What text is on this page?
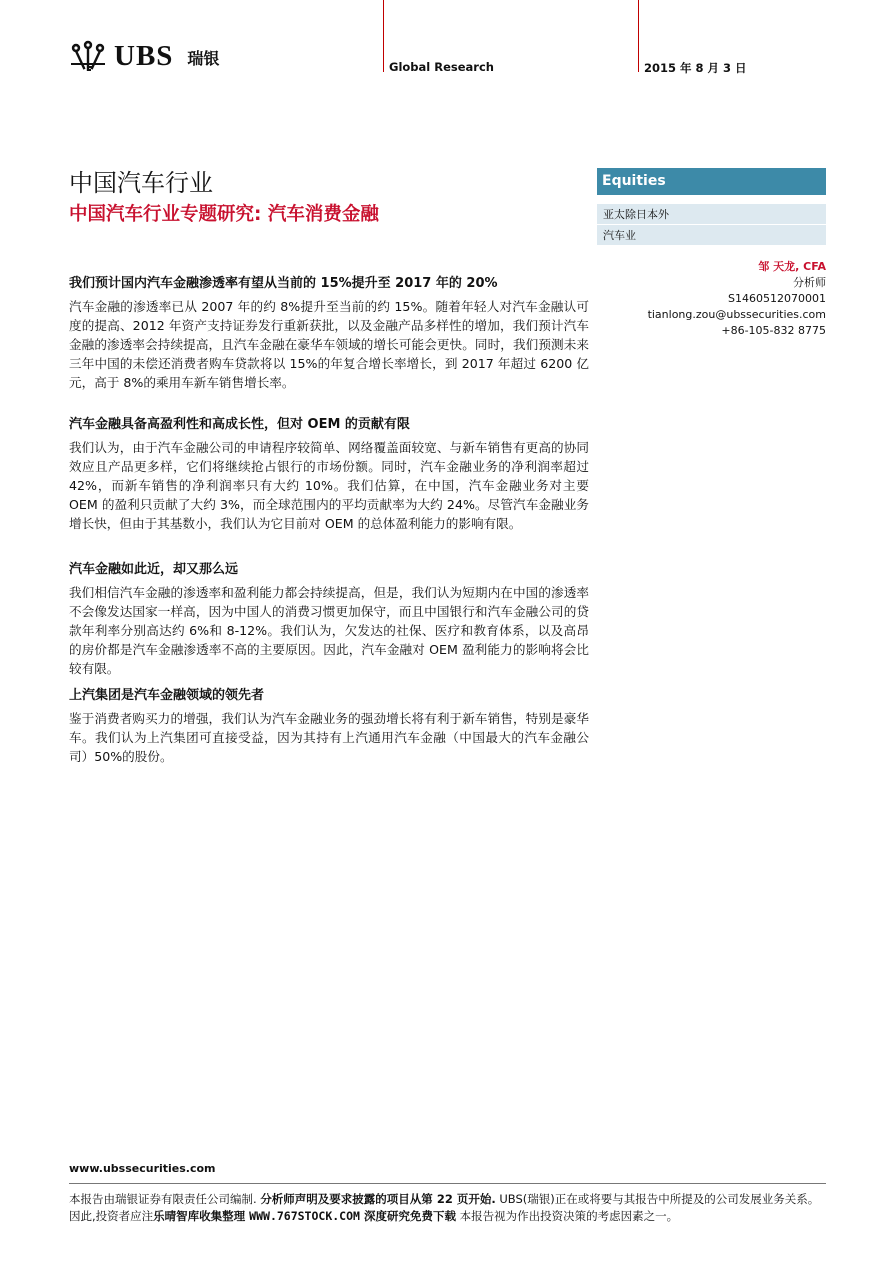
UBS 瑞银	Global Research	2015 年 8 月 3 日
中国汽车行业
中国汽车行业专题研究: 汽车消费金融
Equities
亚太除日本外
汽车业
邹 天龙, CFA
分析师
S1460512070001
tianlong.zou@ubssecurities.com
+86-105-832 8775

我们预计国内汽车金融渗透率有望从当前的 15%提升至 2017 年的 20%

汽车金融的渗透率已从 2007 年的约 8%提升至当前的约 15%。随着年轻人对汽车金融认可度的提高、2012 年资产支持证券发行重新获批，以及金融产品多样性的增加，我们预计汽车金融的渗透率会持续提高，且汽车金融在豪华车领域的增长可能会更快。同时，我们预测未来三年中国的未偿还消费者购车贷款将以 15%的年复合增长率增长，到 2017 年超过 6200 亿元，高于 8%的乘用车新车销售增长率。

汽车金融具备高盈利性和高成长性，但对 OEM 的贡献有限

我们认为，由于汽车金融公司的申请程序较简单、网络覆盖面较宽、与新车销售有更高的协同效应且产品更多样，它们将继续抢占银行的市场份额。同时，汽车金融业务的净利润率超过 42%，而新车销售的净利润率只有大约 10%。我们估算，在中国，汽车金融业务对主要 OEM 的盈利只贡献了大约 3%，而全球范围内的平均贡献率为大约 24%。尽管汽车金融业务增长快，但由于其基数小，我们认为它目前对 OEM 的总体盈利能力的影响有限。

汽车金融如此近，却又那么远

我们相信汽车金融的渗透率和盈利能力都会持续提高，但是，我们认为短期内在中国的渗透率不会像发达国家一样高，因为中国人的消费习惯更加保守，而且中国银行和汽车金融公司的贷款年利率分别高达约 6%和 8-12%。我们认为，欠发达的社保、医疗和教育体系，以及高昂的房价都是汽车金融渗透率不高的主要原因。因此，汽车金融对 OEM 盈利能力的影响将会比较有限。

上汽集团是汽车金融领域的领先者

鉴于消费者购买力的增强，我们认为汽车金融业务的强劲增长将有利于新车销售，特别是豪华车。我们认为上汽集团可直接受益，因为其持有上汽通用汽车金融（中国最大的汽车金融公司）50%的股份。

www.ubssecurities.com
本报告由瑞银证券有限责任公司编制. 分析师声明及要求披露的项目从第 22 页开始. UBS(瑞银)正在或将要与其报告中所提及的公司发展业务关系。因此,投资者应注乐晴智库收集整理 WWW.767STOCK.COM 深度研究免费下载 本报告视为作出投资决策的考虑因素之一。
